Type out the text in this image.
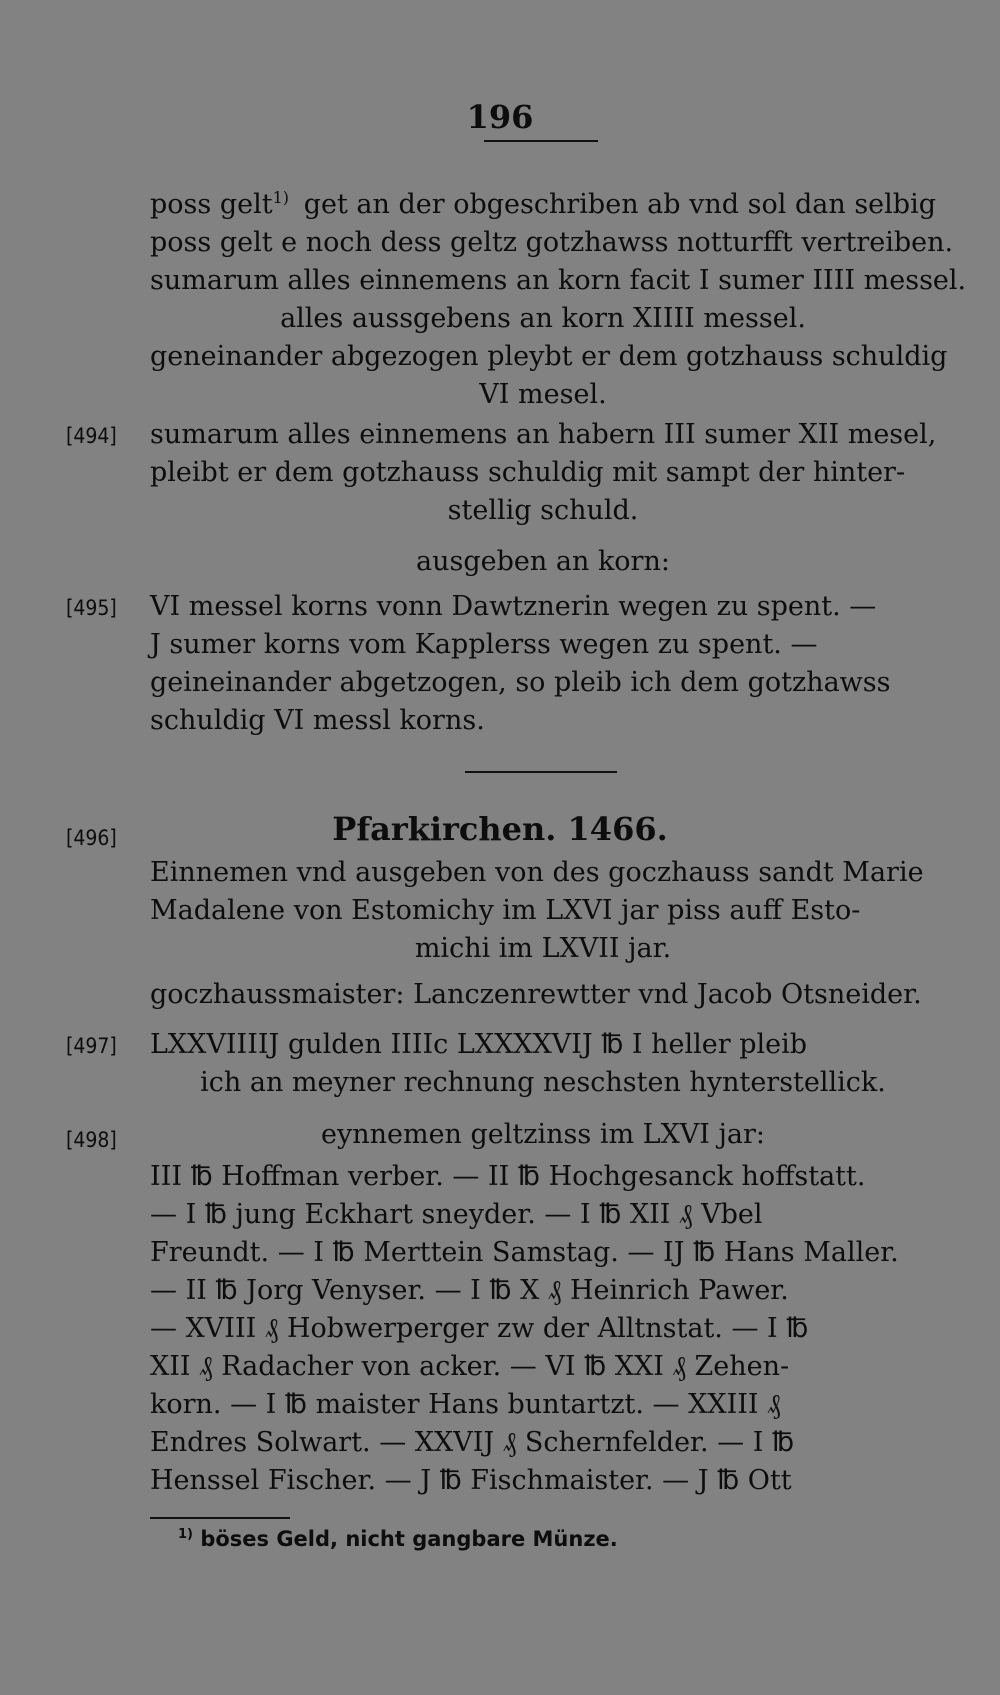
196
poss gelt$^{1)}$ get an der obgeschriben ab vnd sol dan selbig
poss gelt e noch dess geltz gotzhawss notturfft vertreiben.
sumarum alles einnemens an korn facit I sumer IIII messel.
alles aussgebens an korn XIIII messel.
geneinander abgezogen pleybt er dem gotzhauss schuldig
VI mesel.
[494] sumarum alles einnemens an habern III sumer XII mesel,
pleibt er dem gotzhauss schuldig mit sampt der hinter-
stellig schuld.
ausgeben an korn:
[495] VI messel korns vonn Dawtznerin wegen zu spent. —
J sumer korns vom Kapplerss wegen zu spent. —
geineinander abgetzogen, so pleib ich dem gotzhawss
schuldig VI messl korns.
[496]	Pfarkirchen. 1466.
Einnemen vnd ausgeben von des goczhauss sandt Marie
Madalene von Estomichy im LXVI jar piss auff Esto-
michi im LXVII jar.
goczhaussmaister: Lanczenrewtter vnd Jacob Otsneider.
[497] LXXVIIIIJ gulden IIIIc LXXXXVIJ ℔ I heller pleib
ich an meyner rechnung neschsten hynterstellick.
[498]	eynnemen geltzinss im LXVI jar:
III ℔ Hoffman verber. — II ℔ Hochgesanck hoffstatt.
— I ℔ jung Eckhart sneyder. — I ℔ XII ₰ Vbel
Freundt. — I ℔ Merttein Samstag. — IJ ℔ Hans Maller.
— II ℔ Jorg Venyser. — I ℔ X ₰ Heinrich Pawer.
— XVIII ₰ Hobwerperger zw der Alltnstat. — I ℔
XII ₰ Radacher von acker. — VI ℔ XXI ₰ Zehen-
korn. — I ℔ maister Hans buntartzt. — XXIII ₰
Endres Solwart. — XXVIJ ₰ Schernfelder. — I ℔
Henssel Fischer. — J ℔ Fischmaister. — J ℔ Ott
$^{1)}$ böses Geld, nicht gangbare Münze.
